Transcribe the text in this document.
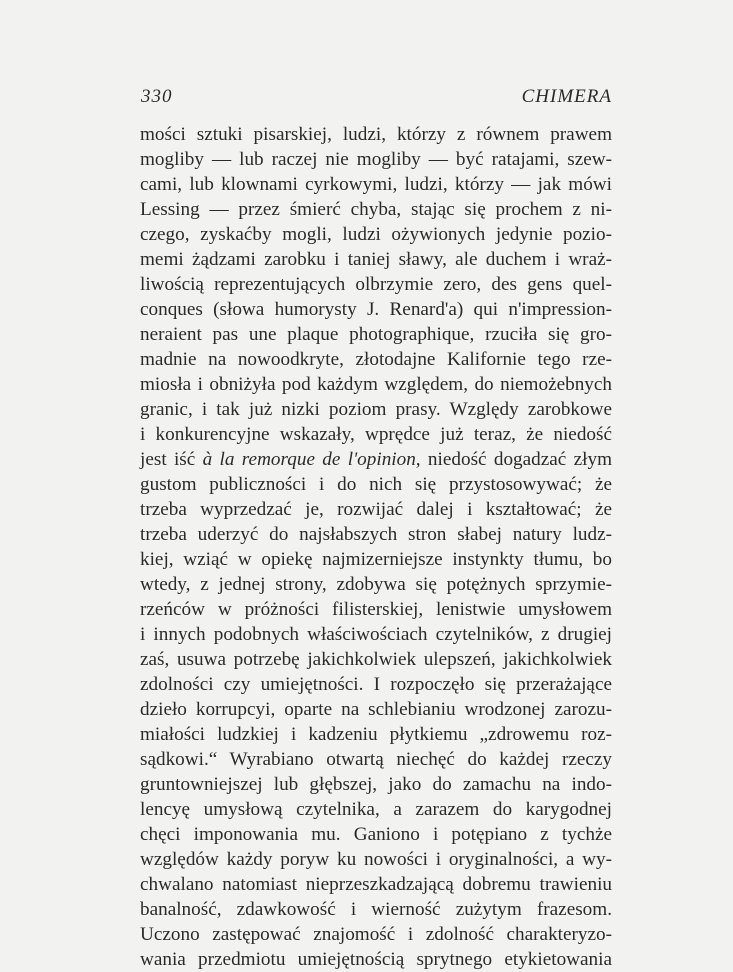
330	CHIMERA
mości sztuki pisarskiej, ludzi, którzy z równem prawem
mogliby — lub raczej nie mogliby — być ratajami, szew-
cami, lub klownami cyrkowymi, ludzi, którzy — jak mówi
Lessing — przez śmierć chyba, stając się prochem z ni-
czego, zyskaćby mogli, ludzi ożywionych jedynie pozio-
memi żądzami zarobku i taniej sławy, ale duchem i wraż-
liwością reprezentujących olbrzymie zero, des gens quel-
conques (słowa humorysty J. Renard'a) qui n'impression-
neraient pas une plaque photographique, rzuciła się gro-
madnie na nowoodkryte, złotodajne Kalifornie tego rze-
miosła i obniżyła pod każdym względem, do niemożebnych
granic, i tak już nizki poziom prasy. Względy zarobkowe
i konkurencyjne wskazały, wprędce już teraz, że niedość
jest iść à la remorque de l'opinion, niedość dogadzać złym
gustom publiczności i do nich się przystosowywać; że
trzeba wyprzedzać je, rozwijać dalej i kształtować; że
trzeba uderzyć do najsłabszych stron słabej natury ludz-
kiej, wziąć w opiekę najmizerniejsze instynkty tłumu, bo
wtedy, z jednej strony, zdobywa się potężnych sprzymie-
rzeńców w próżności filisterskiej, lenistwie umysłowem
i innych podobnych właściwościach czytelników, z drugiej
zaś, usuwa potrzebę jakichkolwiek ulepszeń, jakichkolwiek
zdolności czy umiejętności. I rozpoczęło się przerażające
dzieło korrupcyi, oparte na schlebianiu wrodzonej zarozu-
miałości ludzkiej i kadzeniu płytkiemu „zdrowemu roz-
sądkowi.“ Wyrabiano otwartą niechęć do każdej rzeczy
gruntowniejszej lub głębszej, jako do zamachu na indo-
lencyę umysłową czytelnika, a zarazem do karygodnej
chęci imponowania mu. Ganiono i potępiano z tychże
względów każdy poryw ku nowości i oryginalności, a wy-
chwalano natomiast nieprzeszkadzającą dobremu trawieniu
banalność, zdawkowość i wierność zużytym frazesom.
Uczono zastępować znajomość i zdolność charakteryzo-
wania przedmiotu umiejętnością sprytnego etykietowania
